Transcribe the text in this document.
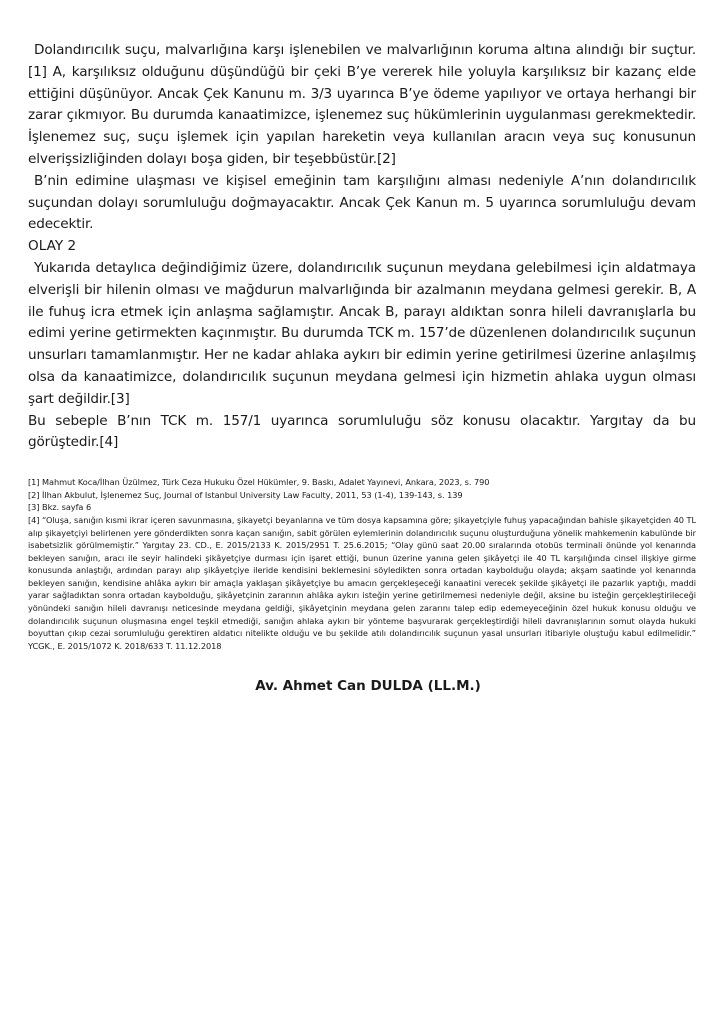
Dolandırıcılık suçu, malvarlığına karşı işlenebilen ve malvarlığının koruma altına alındığı bir suçtur.[1] A, karşılıksız olduğunu düşündüğü bir çeki B’ye vererek hile yoluyla karşılıksız bir kazanç elde ettiğini düşünüyor. Ancak Çek Kanunu m. 3/3 uyarınca B’ye ödeme yapılıyor ve ortaya herhangi bir zarar çıkmıyor. Bu durumda kanaatimizce, işlenemez suç hükümlerinin uygulanması gerekmektedir. İşlenemez suç, suçu işlemek için yapılan hareketin veya kullanılan aracın veya suç konusunun elverişsizliğinden dolayı boşa giden, bir teşebbüstür.[2]

B’nin edimine ulaşması ve kişisel emeğinin tam karşılığını alması nedeniyle A’nın dolandırıcılık suçundan dolayı sorumluluğu doğmayacaktır. Ancak Çek Kanun m. 5 uyarınca sorumluluğu devam edecektir.

OLAY 2

Yukarıda detaylıca değindiğimiz üzere, dolandırıcılık suçunun meydana gelebilmesi için aldatmaya elverişli bir hilenin olması ve mağdurun malvarlığında bir azalmanın meydana gelmesi gerekir. B, A ile fuhuş icra etmek için anlaşma sağlamıştır. Ancak B, parayı aldıktan sonra hileli davranışlarla bu edimi yerine getirmekten kaçınmıştır. Bu durumda TCK m. 157’de düzenlenen dolandırıcılık suçunun unsurları tamamlanmıştır. Her ne kadar ahlaka aykırı bir edimin yerine getirilmesi üzerine anlaşılmış olsa da kanaatimizce, dolandırıcılık suçunun meydana gelmesi için hizmetin ahlaka uygun olması şart değildir.[3]

Bu sebeple B’nın TCK m. 157/1 uyarınca sorumluluğu söz konusu olacaktır. Yargıtay da bu görüştedir.[4]

[1] Mahmut Koca/İlhan Üzülmez, Türk Ceza Hukuku Özel Hükümler, 9. Baskı, Adalet Yayınevi, Ankara, 2023, s. 790

[2] İlhan Akbulut, İşlenemez Suç, Journal of Istanbul University Law Faculty, 2011, 53 (1-4), 139-143, s. 139

[3] Bkz. sayfa 6

[4] “Oluşa, sanığın kısmi ikrar içeren savunmasına, şikayetçi beyanlarına ve tüm dosya kapsamına göre; şikayetçiyle fuhuş yapacağından bahisle şikayetçiden 40 TL alıp şikayetçiyi belirlenen yere gönderdikten sonra kaçan sanığın, sabit görülen eylemlerinin dolandırıcılık suçunu oluşturduğuna yönelik mahkemenin kabulünde bir isabetsizlik görülmemiştir.” Yargıtay 23. CD., E. 2015/2133 K. 2015/2951 T. 25.6.2015; “Olay günü saat 20.00 sıralarında otobüs terminali önünde yol kenarında bekleyen sanığın, aracı ile seyir halindeki şikâyetçiye durması için işaret ettiği, bunun üzerine yanına gelen şikâyetçi ile 40 TL karşılığında cinsel ilişkiye girme konusunda anlaştığı, ardından parayı alıp şikâyetçiye ileride kendisini beklemesini söyledikten sonra ortadan kaybolduğu olayda; akşam saatinde yol kenarında bekleyen sanığın, kendisine ahlâka aykırı bir amaçla yaklaşan şikâyetçiye bu amacın gerçekleşeceği kanaatini verecek şekilde şikâyetçi ile pazarlık yaptığı, maddi yarar sağladıktan sonra ortadan kaybolduğu, şikâyetçinin zararının ahlâka aykırı isteğin yerine getirilmemesi nedeniyle değil, aksine bu isteğin gerçekleştirileceği yönündeki sanığın hileli davranışı neticesinde meydana geldiği, şikâyetçinin meydana gelen zararını talep edip edemeyeceğinin özel hukuk konusu olduğu ve dolandırıcılık suçunun oluşmasına engel teşkil etmediği, sanığın ahlaka aykırı bir yönteme başvurarak gerçekleştirdiği hileli davranışlarının somut olayda hukuki boyuttan çıkıp cezai sorumluluğu gerektiren aldatıcı nitelikte olduğu ve bu şekilde atılı dolandırıcılık suçunun yasal unsurları itibariyle oluştuğu kabul edilmelidir.” YCGK., E. 2015/1072 K. 2018/633 T. 11.12.2018

Av. Ahmet Can DULDA (LL.M.)
